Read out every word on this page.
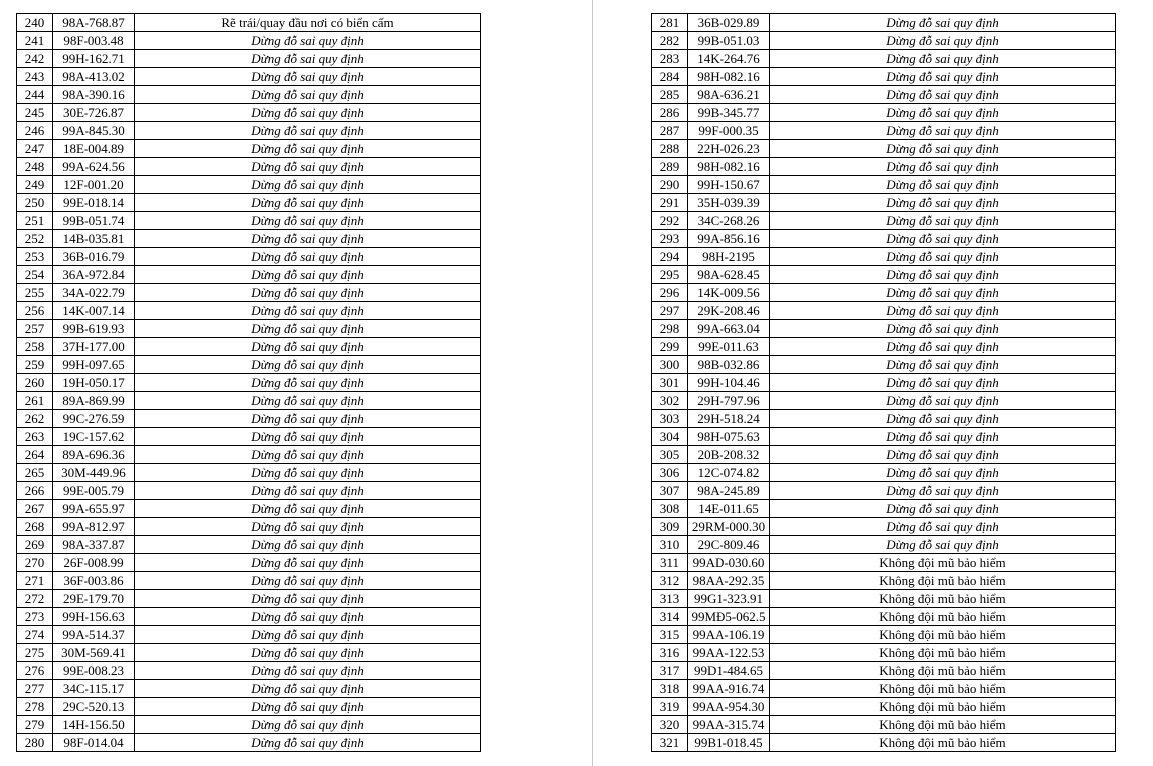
240	98A-768.87	Rẽ trái/quay đầu nơi có biển cấm
241	98F-003.48	Dừng đỗ sai quy định
242	99H-162.71	Dừng đỗ sai quy định
243	98A-413.02	Dừng đỗ sai quy định
244	98A-390.16	Dừng đỗ sai quy định
245	30E-726.87	Dừng đỗ sai quy định
246	99A-845.30	Dừng đỗ sai quy định
247	18E-004.89	Dừng đỗ sai quy định
248	99A-624.56	Dừng đỗ sai quy định
249	12F-001.20	Dừng đỗ sai quy định
250	99E-018.14	Dừng đỗ sai quy định
251	99B-051.74	Dừng đỗ sai quy định
252	14B-035.81	Dừng đỗ sai quy định
253	36B-016.79	Dừng đỗ sai quy định
254	36A-972.84	Dừng đỗ sai quy định
255	34A-022.79	Dừng đỗ sai quy định
256	14K-007.14	Dừng đỗ sai quy định
257	99B-619.93	Dừng đỗ sai quy định
258	37H-177.00	Dừng đỗ sai quy định
259	99H-097.65	Dừng đỗ sai quy định
260	19H-050.17	Dừng đỗ sai quy định
261	89A-869.99	Dừng đỗ sai quy định
262	99C-276.59	Dừng đỗ sai quy định
263	19C-157.62	Dừng đỗ sai quy định
264	89A-696.36	Dừng đỗ sai quy định
265	30M-449.96	Dừng đỗ sai quy định
266	99E-005.79	Dừng đỗ sai quy định
267	99A-655.97	Dừng đỗ sai quy định
268	99A-812.97	Dừng đỗ sai quy định
269	98A-337.87	Dừng đỗ sai quy định
270	26F-008.99	Dừng đỗ sai quy định
271	36F-003.86	Dừng đỗ sai quy định
272	29E-179.70	Dừng đỗ sai quy định
273	99H-156.63	Dừng đỗ sai quy định
274	99A-514.37	Dừng đỗ sai quy định
275	30M-569.41	Dừng đỗ sai quy định
276	99E-008.23	Dừng đỗ sai quy định
277	34C-115.17	Dừng đỗ sai quy định
278	29C-520.13	Dừng đỗ sai quy định
279	14H-156.50	Dừng đỗ sai quy định
280	98F-014.04	Dừng đỗ sai quy định
281	36B-029.89	Dừng đỗ sai quy định
282	99B-051.03	Dừng đỗ sai quy định
283	14K-264.76	Dừng đỗ sai quy định
284	98H-082.16	Dừng đỗ sai quy định
285	98A-636.21	Dừng đỗ sai quy định
286	99B-345.77	Dừng đỗ sai quy định
287	99F-000.35	Dừng đỗ sai quy định
288	22H-026.23	Dừng đỗ sai quy định
289	98H-082.16	Dừng đỗ sai quy định
290	99H-150.67	Dừng đỗ sai quy định
291	35H-039.39	Dừng đỗ sai quy định
292	34C-268.26	Dừng đỗ sai quy định
293	99A-856.16	Dừng đỗ sai quy định
294	98H-2195	Dừng đỗ sai quy định
295	98A-628.45	Dừng đỗ sai quy định
296	14K-009.56	Dừng đỗ sai quy định
297	29K-208.46	Dừng đỗ sai quy định
298	99A-663.04	Dừng đỗ sai quy định
299	99E-011.63	Dừng đỗ sai quy định
300	98B-032.86	Dừng đỗ sai quy định
301	99H-104.46	Dừng đỗ sai quy định
302	29H-797.96	Dừng đỗ sai quy định
303	29H-518.24	Dừng đỗ sai quy định
304	98H-075.63	Dừng đỗ sai quy định
305	20B-208.32	Dừng đỗ sai quy định
306	12C-074.82	Dừng đỗ sai quy định
307	98A-245.89	Dừng đỗ sai quy định
308	14E-011.65	Dừng đỗ sai quy định
309	29RM-000.30	Dừng đỗ sai quy định
310	29C-809.46	Dừng đỗ sai quy định
311	99AD-030.60	Không đội mũ bảo hiểm
312	98AA-292.35	Không đội mũ bảo hiểm
313	99G1-323.91	Không đội mũ bảo hiểm
314	99MĐ5-062.5	Không đội mũ bảo hiểm
315	99AA-106.19	Không đội mũ bảo hiểm
316	99AA-122.53	Không đội mũ bảo hiểm
317	99D1-484.65	Không đội mũ bảo hiểm
318	99AA-916.74	Không đội mũ bảo hiểm
319	99AA-954.30	Không đội mũ bảo hiểm
320	99AA-315.74	Không đội mũ bảo hiểm
321	99B1-018.45	Không đội mũ bảo hiểm
